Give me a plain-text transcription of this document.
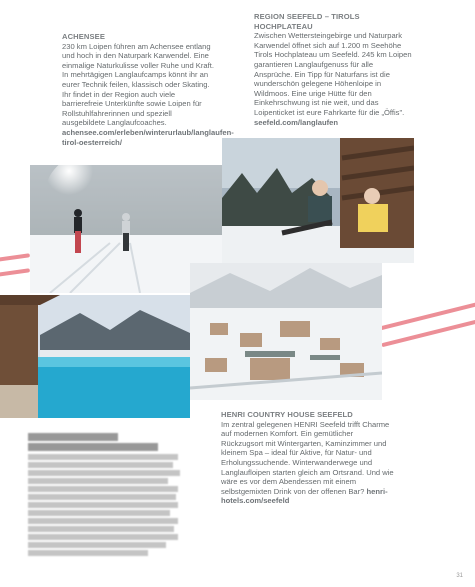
ACHENSEE

230 km Loipen führen am Achensee entlang und hoch in den Naturpark Karwendel. Eine einmalige Naturkulisse voller Ruhe und Kraft. In mehrtägigen Langlaufcamps könnt ihr an eurer Technik feilen, klassisch oder Skating. Ihr findet in der Region auch viele barrierefreie Unterkünfte sowie Loipen für Rollstuhlfahrerinnen und speziell ausgebildete Langlaufcoaches.

achensee.com/erleben/winterurlaub/langlaufen-tirol-oesterreich/

REGION SEEFELD – TIROLS HOCHPLATEAU

Zwischen Wettersteingebirge und Naturpark Karwendel öffnet sich auf 1.200 m Seehöhe Tirols Hochplateau um Seefeld. 245 km Loipen garantieren Langlaufgenuss für alle Ansprüche. Ein Tipp für Naturfans ist die wunderschön gelegene Höhenloipe in Wildmoos. Eine urige Hütte für den Einkehrschwung ist nie weit, und das Loipenticket ist eure Fahrkarte für die „Öffis". seefeld.com/langlaufen

HENRI COUNTRY HOUSE SEEFELD

Im zentral gelegenen HENRI Seefeld trifft Charme auf modernen Komfort. Ein gemütlicher Rückzugsort mit Wintergarten, Kaminzimmer und kleinem Spa – ideal für Aktive, für Natur- und Erholungssuchende. Winterwanderwege und Langlaufloipen starten gleich am Ortsrand. Und wie wäre es vor dem Abendessen mit einem selbstgemixten Drink von der offenen Bar? henri-hotels.com/seefeld

31
